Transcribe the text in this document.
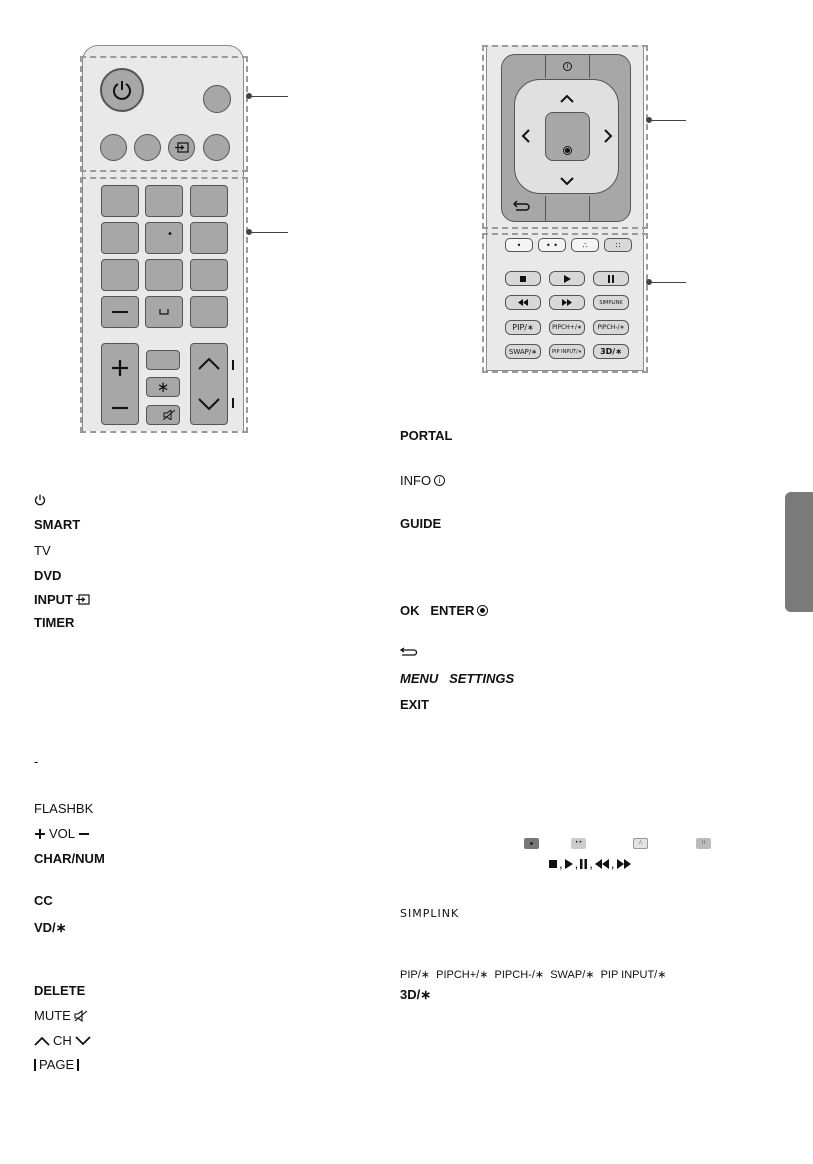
•
∗
i
•	• •	∴	∷
SIMPLINK
PIP/∗	PIPCH+/∗	PIPCH-/∗
SWAP/∗	PIP INPUT/∗ 3D/∗
SMART
TV
DVD
INPUT
TIMER
-
FLASHBK
VOL
CHAR/NUM
CC
VD/∗
DELETE
MUTE
CH
PAGE
PORTAL
INFO i
GUIDE
OK   ENTER
MENU   SETTINGS
EXIT
• •	∴	∷
, , , ,
SIMPLINK
PIP/∗  PIPCH+/∗  PIPCH-/∗  SWAP/∗  PIP INPUT/∗
3D/∗
